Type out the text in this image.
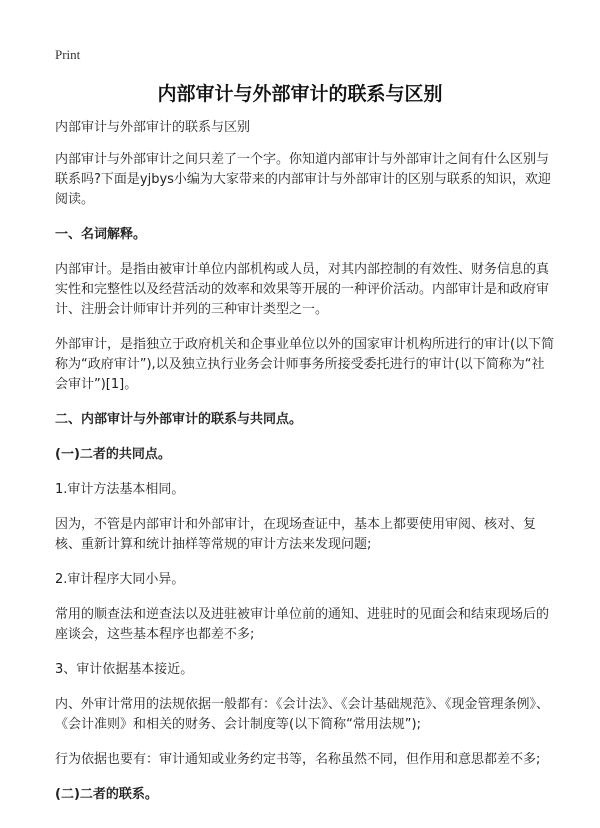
Print
内部审计与外部审计的联系与区别

内部审计与外部审计的联系与区别

内部审计与外部审计之间只差了一个字。你知道内部审计与外部审计之间有什么区别与联系吗?下面是yjbys小编为大家带来的内部审计与外部审计的区别与联系的知识，欢迎阅读。

一、名词解释。

内部审计。是指由被审计单位内部机构或人员，对其内部控制的有效性、财务信息的真实性和完整性以及经营活动的效率和效果等开展的一种评价活动。内部审计是和政府审计、注册会计师审计并列的三种审计类型之一。

外部审计，是指独立于政府机关和企事业单位以外的国家审计机构所进行的审计(以下简称为“政府审计”),以及独立执行业务会计师事务所接受委托进行的审计(以下简称为“社会审计”)[1]。

二、内部审计与外部审计的联系与共同点。

(一)二者的共同点。

1.审计方法基本相同。

因为，不管是内部审计和外部审计，在现场查证中，基本上都要使用审阅、核对、复核、重新计算和统计抽样等常规的审计方法来发现问题;

2.审计程序大同小异。

常用的顺查法和逆查法以及进驻被审计单位前的通知、进驻时的见面会和结束现场后的座谈会，这些基本程序也都差不多;

3、审计依据基本接近。

内、外审计常用的法规依据一般都有：《会计法》、《会计基础规范》、《现金管理条例》、《会计准则》和相关的财务、会计制度等(以下简称“常用法规”);

行为依据也要有：审计通知或业务约定书等，名称虽然不同，但作用和意思都差不多;

(二)二者的联系。
